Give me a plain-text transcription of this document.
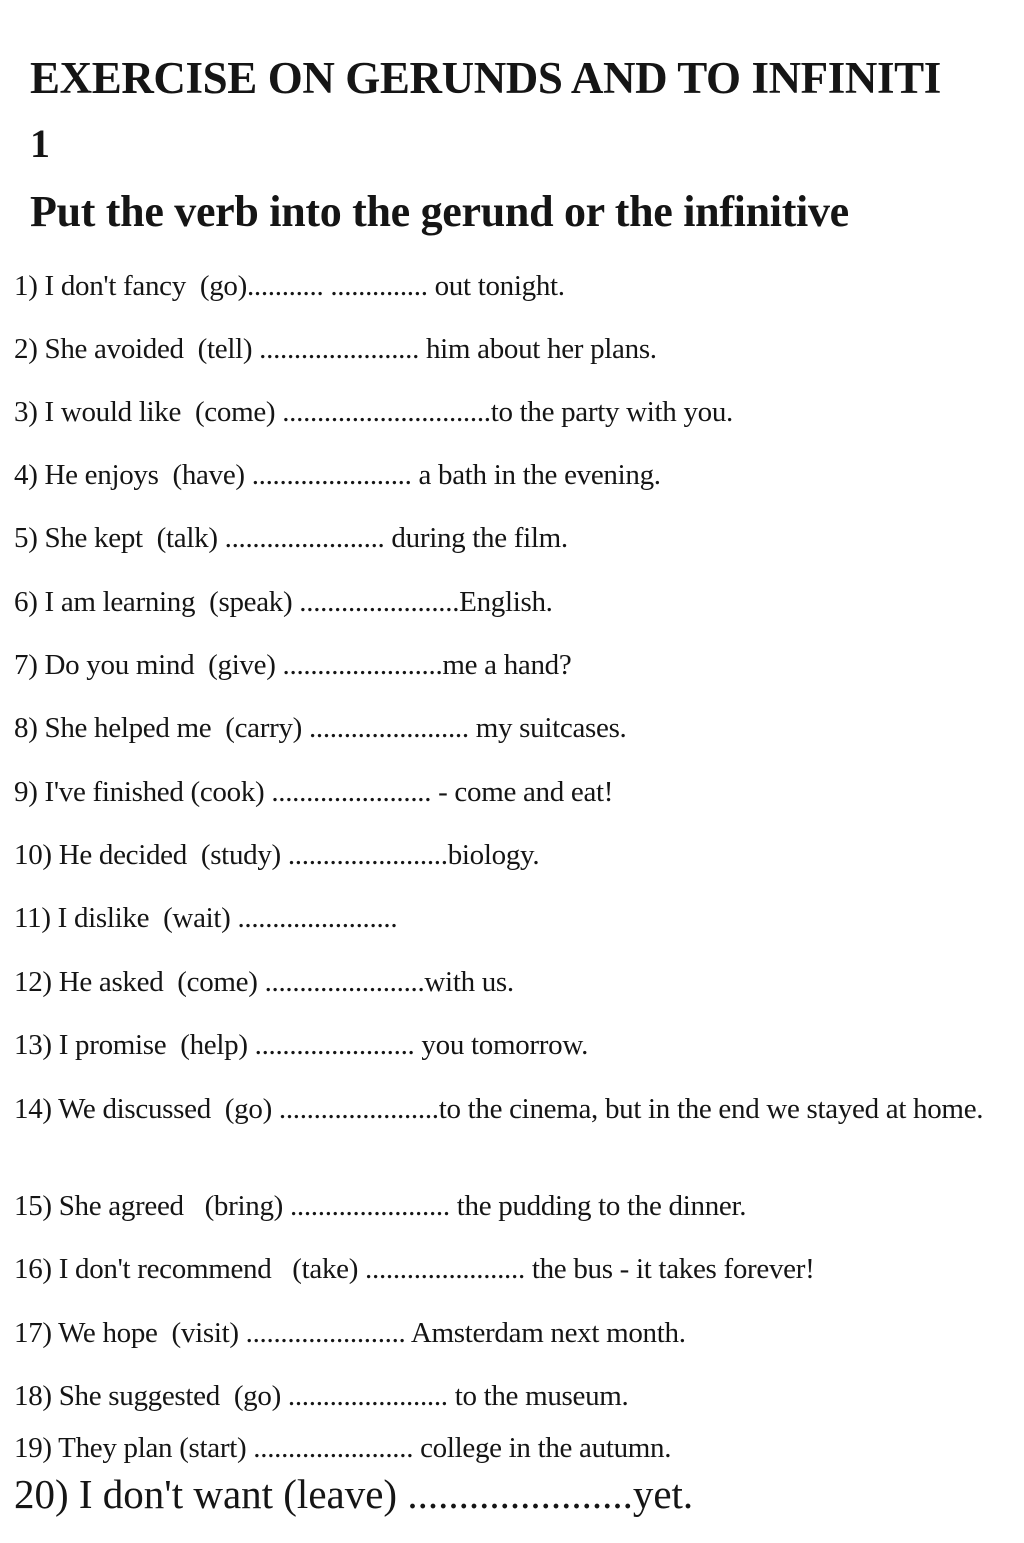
EXERCISE ON GERUNDS AND TO INFINITI
1
Put the verb into the gerund or the infinitive
1) I don't fancy  (go)........... .............. out tonight.
2) She avoided  (tell) ....................... him about her plans.
3) I would like  (come) ..............................to the party with you.
4) He enjoys  (have) ....................... a bath in the evening.
5) She kept  (talk) ....................... during the film.
6) I am learning  (speak) .......................English.
7) Do you mind  (give) .......................me a hand?
8) She helped me  (carry) ....................... my suitcases.
9) I've finished (cook) ....................... - come and eat!
10) He decided  (study) .......................biology.
11) I dislike  (wait) .......................
12) He asked  (come) .......................with us.
13) I promise  (help) ....................... you tomorrow.
14) We discussed  (go) .......................to the cinema, but in the end we stayed at home.
15) She agreed   (bring) ....................... the pudding to the dinner.
16) I don't recommend   (take) ....................... the bus - it takes forever!
17) We hope  (visit) ....................... Amsterdam next month.
18) She suggested  (go) ....................... to the museum.
19) They plan (start) ....................... college in the autumn.
20) I don't want (leave) ......................yet.
